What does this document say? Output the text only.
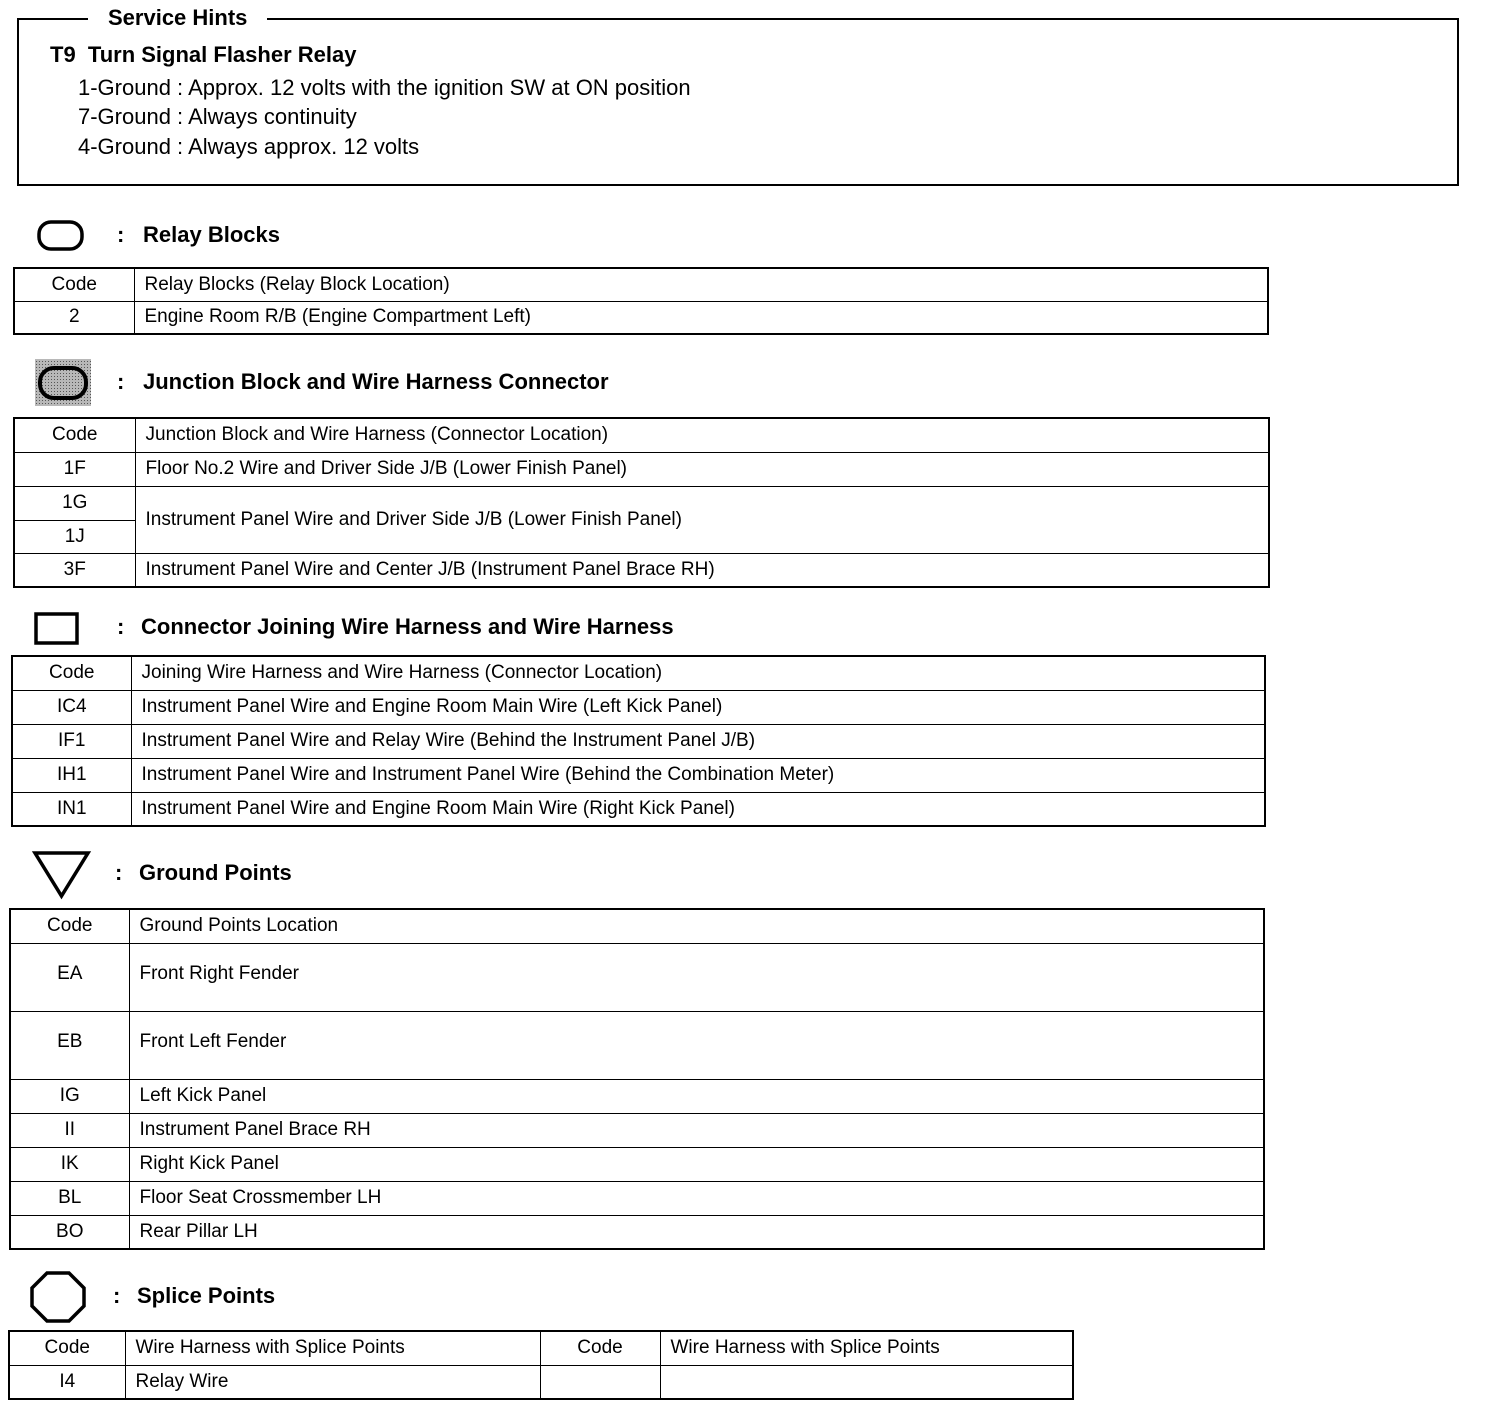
Service Hints
T9  Turn Signal Flasher Relay
1-Ground : Approx. 12 volts with the ignition SW at ON position
7-Ground : Always continuity
4-Ground : Always approx. 12 volts
: Relay Blocks
Code	Relay Blocks (Relay Block Location)
2	Engine Room R/B (Engine Compartment Left)
: Junction Block and Wire Harness Connector
Code	Junction Block and Wire Harness (Connector Location)
1F	Floor No.2 Wire and Driver Side J/B (Lower Finish Panel)
1G	Instrument Panel Wire and Driver Side J/B (Lower Finish Panel)
1J	
3F	Instrument Panel Wire and Center J/B (Instrument Panel Brace RH)
: Connector Joining Wire Harness and Wire Harness
Code	Joining Wire Harness and Wire Harness (Connector Location)
IC4	Instrument Panel Wire and Engine Room Main Wire (Left Kick Panel)
IF1	Instrument Panel Wire and Relay Wire (Behind the Instrument Panel J/B)
IH1	Instrument Panel Wire and Instrument Panel Wire (Behind the Combination Meter)
IN1	Instrument Panel Wire and Engine Room Main Wire (Right Kick Panel)
: Ground Points
Code	Ground Points Location
EA	Front Right Fender
EB	Front Left Fender
IG	Left Kick Panel
II	Instrument Panel Brace RH
IK	Right Kick Panel
BL	Floor Seat Crossmember LH
BO	Rear Pillar LH
: Splice Points
Code	Wire Harness with Splice Points	Code	Wire Harness with Splice Points
I4	Relay Wire		
